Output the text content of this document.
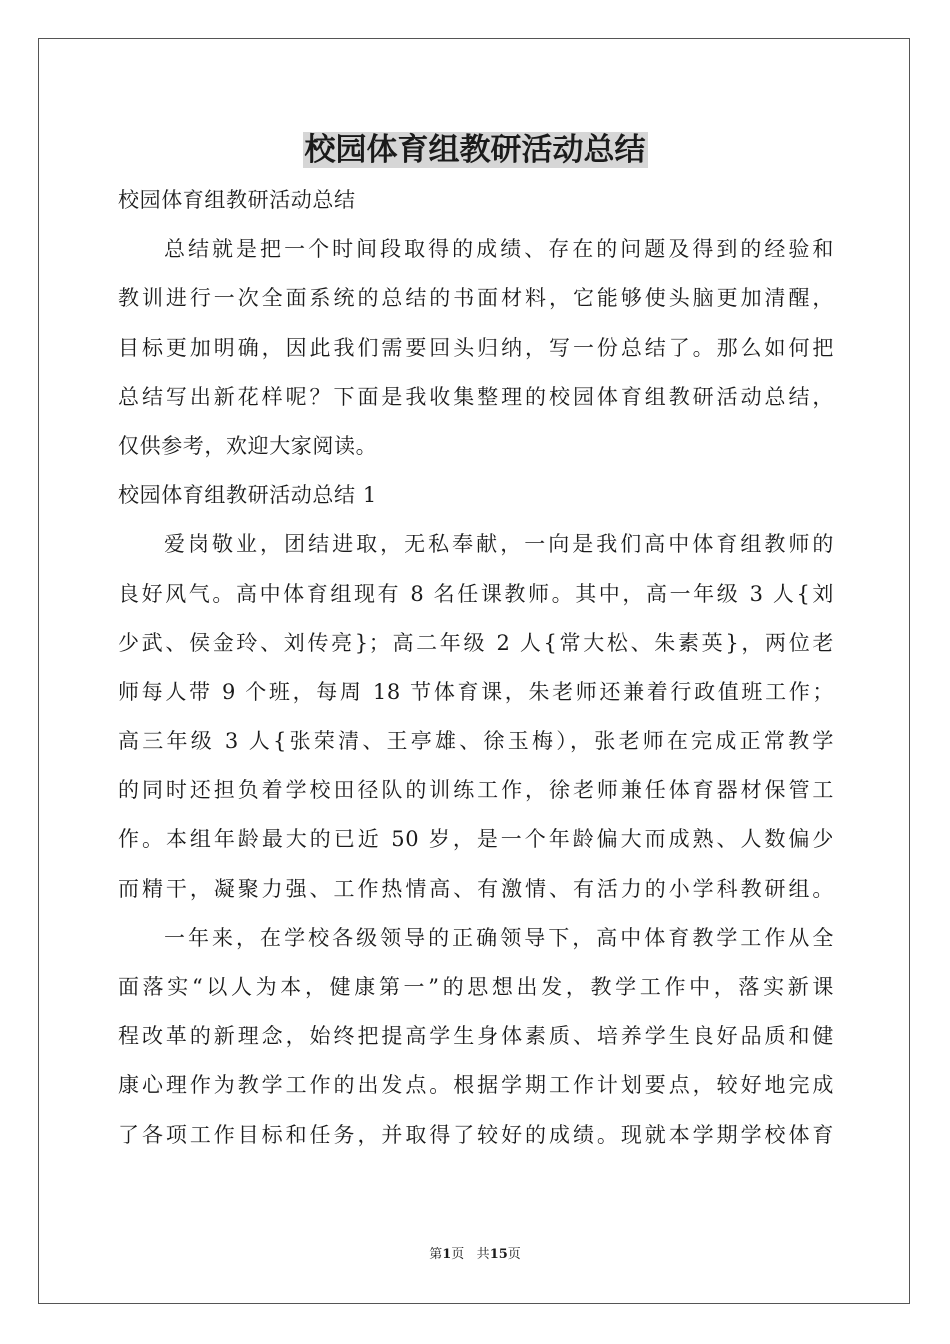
校园体育组教研活动总结
校园体育组教研活动总结
总结就是把一个时间段取得的成绩、存在的问题及得到的经验和
教训进行一次全面系统的总结的书面材料，它能够使头脑更加清醒，
目标更加明确，因此我们需要回头归纳，写一份总结了。那么如何把
总结写出新花样呢？下面是我收集整理的校园体育组教研活动总结，
仅供参考，欢迎大家阅读。
校园体育组教研活动总结 1
爱岗敬业，团结进取，无私奉献，一向是我们高中体育组教师的
良好风气。高中体育组现有 8 名任课教师。其中，高一年级 3 人{刘
少武、侯金玲、刘传亮}；高二年级 2 人{常大松、朱素英}，两位老
师每人带 9 个班，每周 18 节体育课，朱老师还兼着行政值班工作；
高三年级 3 人{张荣清、王亭雄、徐玉梅），张老师在完成正常教学
的同时还担负着学校田径队的训练工作，徐老师兼任体育器材保管工
作。本组年龄最大的已近 50 岁，是一个年龄偏大而成熟、人数偏少
而精干，凝聚力强、工作热情高、有激情、有活力的小学科教研组。
一年来，在学校各级领导的正确领导下，高中体育教学工作从全
面落实“以人为本，健康第一”的思想出发，教学工作中，落实新课
程改革的新理念，始终把提高学生身体素质、培养学生良好品质和健
康心理作为教学工作的出发点。根据学期工作计划要点，较好地完成
了各项工作目标和任务，并取得了较好的成绩。现就本学期学校体育
第1页 共15页
